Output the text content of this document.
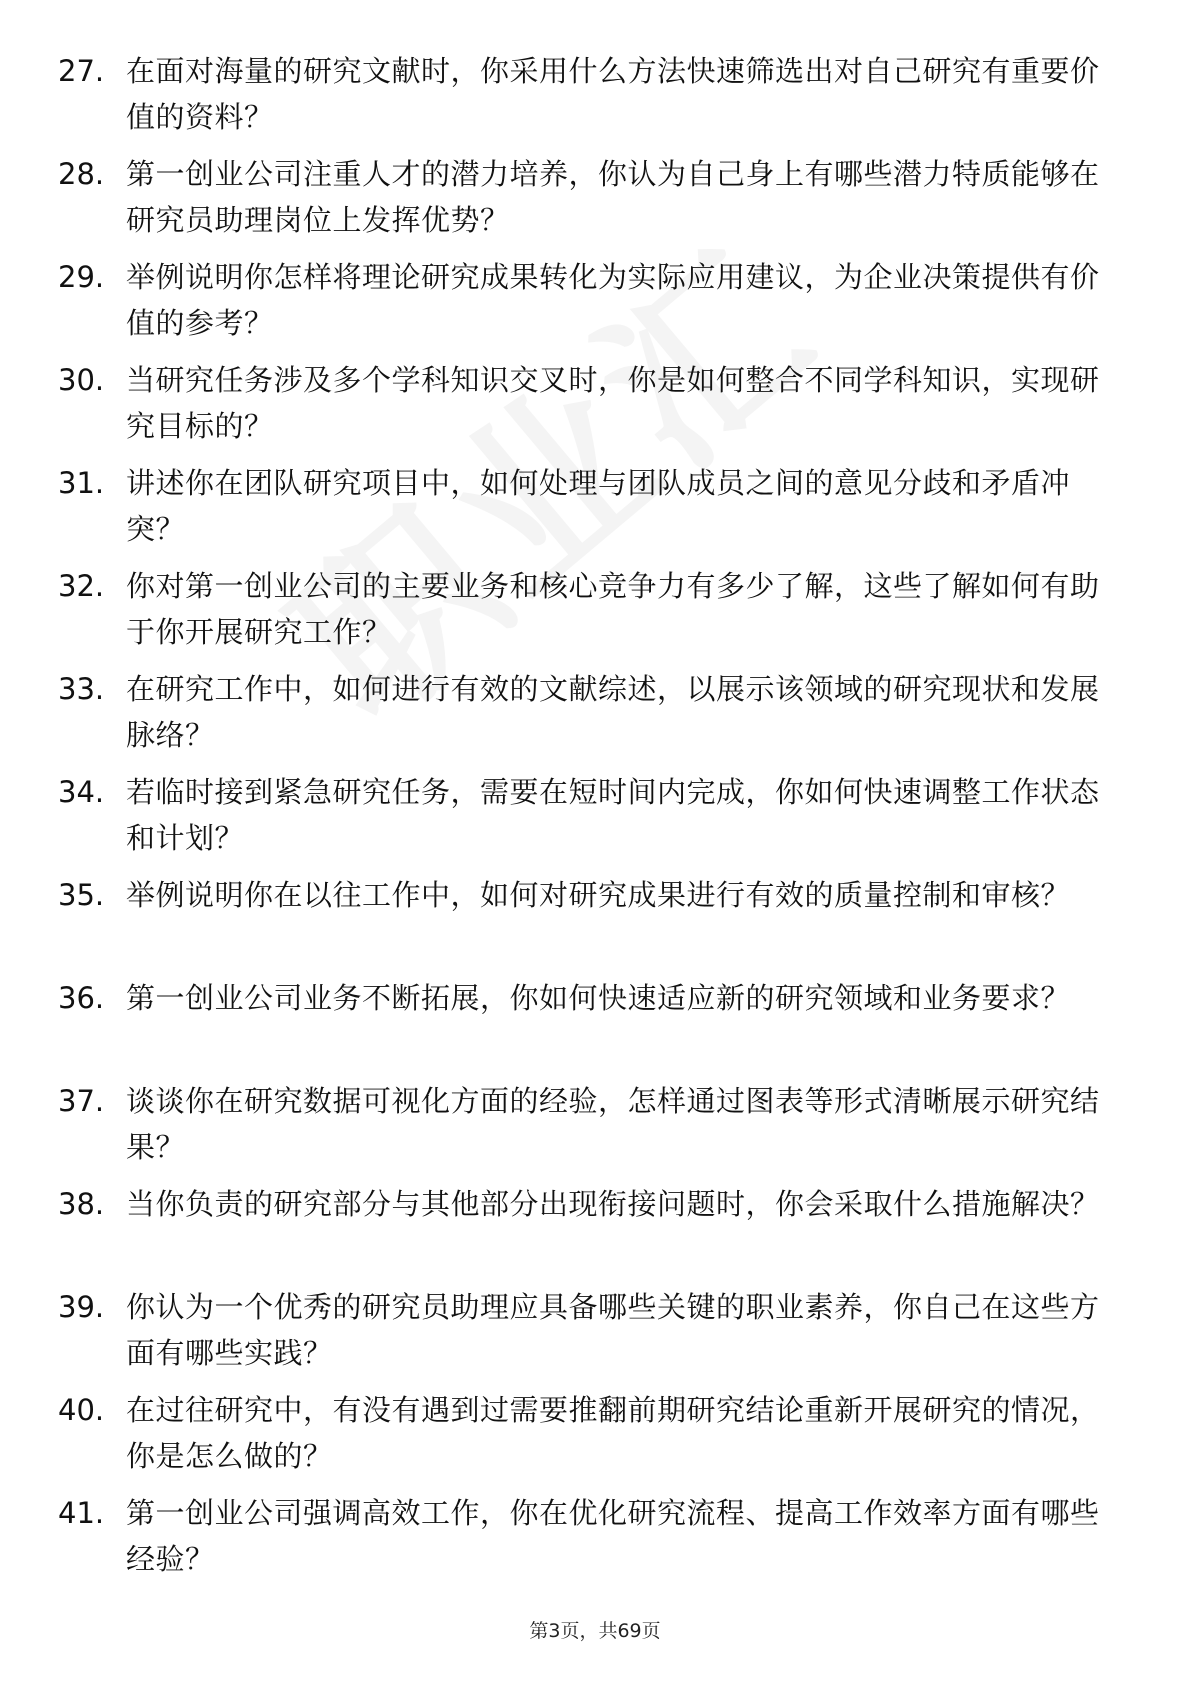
27. 在面对海量的研究文献时，你采用什么方法快速筛选出对自己研究有重要价值的资料？
28. 第一创业公司注重人才的潜力培养，你认为自己身上有哪些潜力特质能够在研究员助理岗位上发挥优势？
29. 举例说明你怎样将理论研究成果转化为实际应用建议，为企业决策提供有价值的参考？
30. 当研究任务涉及多个学科知识交叉时，你是如何整合不同学科知识，实现研究目标的？
31. 讲述你在团队研究项目中，如何处理与团队成员之间的意见分歧和矛盾冲突？
32. 你对第一创业公司的主要业务和核心竞争力有多少了解，这些了解如何有助于你开展研究工作？
33. 在研究工作中，如何进行有效的文献综述，以展示该领域的研究现状和发展脉络？
34. 若临时接到紧急研究任务，需要在短时间内完成，你如何快速调整工作状态和计划？
35. 举例说明你在以往工作中，如何对研究成果进行有效的质量控制和审核？
36. 第一创业公司业务不断拓展，你如何快速适应新的研究领域和业务要求？
37. 谈谈你在研究数据可视化方面的经验，怎样通过图表等形式清晰展示研究结果？
38. 当你负责的研究部分与其他部分出现衔接问题时，你会采取什么措施解决？
39. 你认为一个优秀的研究员助理应具备哪些关键的职业素养，你自己在这些方面有哪些实践？
40. 在过往研究中，有没有遇到过需要推翻前期研究结论重新开展研究的情况，你是怎么做的？
41. 第一创业公司强调高效工作，你在优化研究流程、提高工作效率方面有哪些经验？
第3页，共69页
